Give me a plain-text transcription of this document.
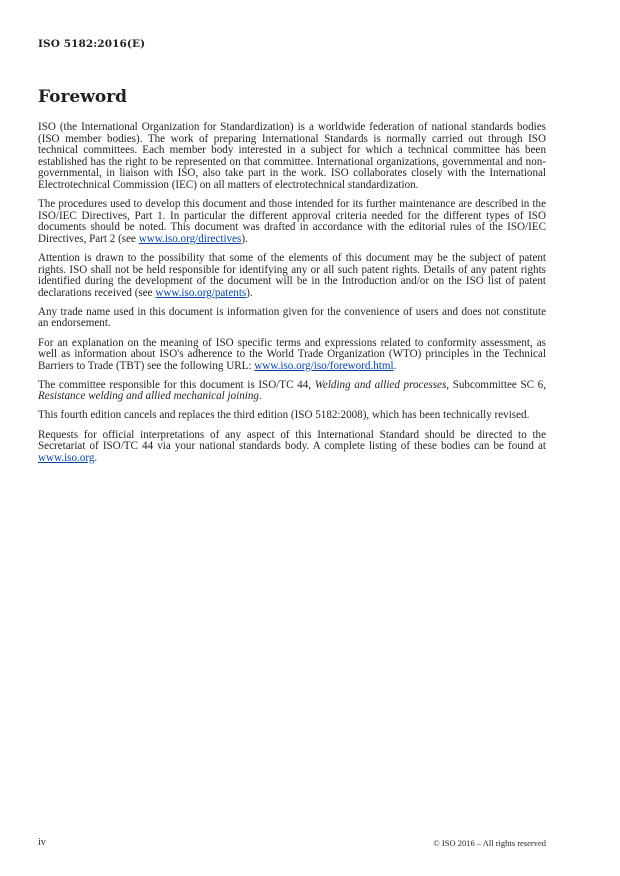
ISO 5182:2016(E)
Foreword

ISO (the International Organization for Standardization) is a worldwide federation of national standards bodies (ISO member bodies). The work of preparing International Standards is normally carried out through ISO technical committees. Each member body interested in a subject for which a technical committee has been established has the right to be represented on that committee. International organizations, governmental and non-governmental, in liaison with ISO, also take part in the work. ISO collaborates closely with the International Electrotechnical Commission (IEC) on all matters of electrotechnical standardization.

The procedures used to develop this document and those intended for its further maintenance are described in the ISO/IEC Directives, Part 1. In particular the different approval criteria needed for the different types of ISO documents should be noted. This document was drafted in accordance with the editorial rules of the ISO/IEC Directives, Part 2 (see www.iso.org/directives).

Attention is drawn to the possibility that some of the elements of this document may be the subject of patent rights. ISO shall not be held responsible for identifying any or all such patent rights. Details of any patent rights identified during the development of the document will be in the Introduction and/or on the ISO list of patent declarations received (see www.iso.org/patents).

Any trade name used in this document is information given for the convenience of users and does not constitute an endorsement.

For an explanation on the meaning of ISO specific terms and expressions related to conformity assessment, as well as information about ISO's adherence to the World Trade Organization (WTO) principles in the Technical Barriers to Trade (TBT) see the following URL: www.iso.org/iso/foreword.html.

The committee responsible for this document is ISO/TC 44, Welding and allied processes, Subcommittee SC 6, Resistance welding and allied mechanical joining.

This fourth edition cancels and replaces the third edition (ISO 5182:2008), which has been technically revised.

Requests for official interpretations of any aspect of this International Standard should be directed to the Secretariat of ISO/TC 44 via your national standards body. A complete listing of these bodies can be found at www.iso.org.

iv	© ISO 2016 – All rights reserved
